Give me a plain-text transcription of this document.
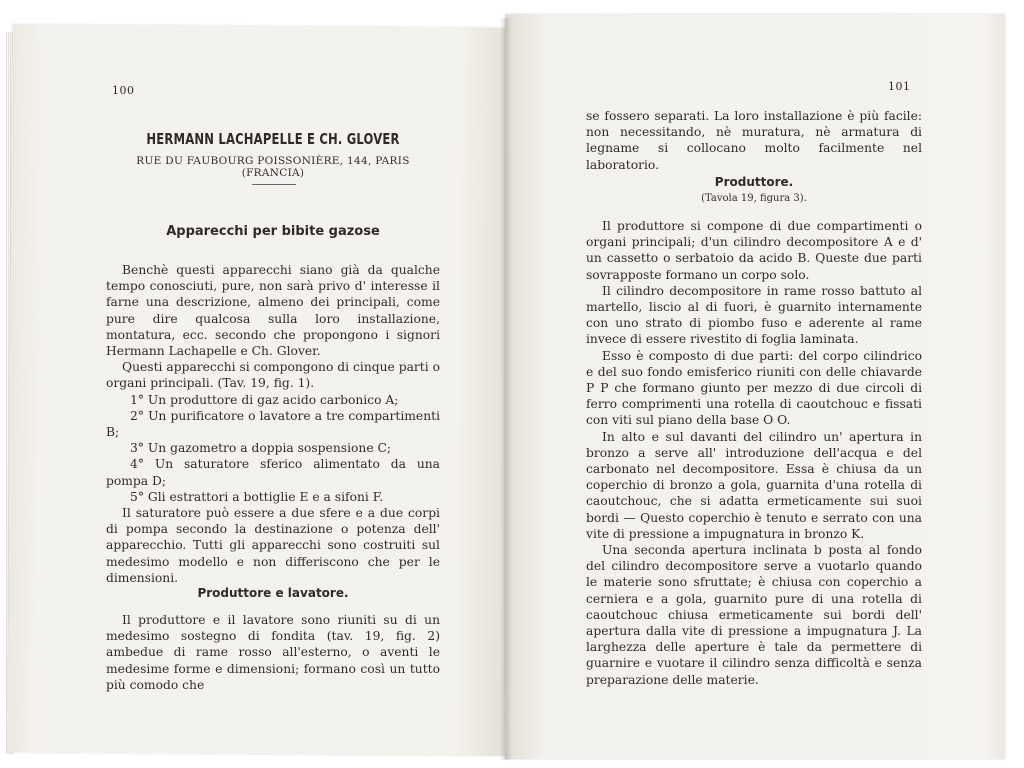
100
HERMANN LACHAPELLE E CH. GLOVER
RUE DU FAUBOURG POISSONIÈRE, 144, PARIS (FRANCIA)
Apparecchi per bibite gazose

Benchè questi apparecchi siano già da qualche tempo conosciuti, pure, non sarà privo d' interesse il farne una descrizione, almeno dei principali, come pure dire qualcosa sulla loro installazione, montatura, ecc. secondo che propongono i signori Hermann Lachapelle e Ch. Glover.

Questi apparecchi si compongono di cinque parti o organi principali. (Tav. 19, fig. 1).

1° Un produttore di gaz acido carbonico A;

2° Un purificatore o lavatore a tre compartimenti B;

3° Un gazometro a doppia sospensione C;

4° Un saturatore sferico alimentato da una pompa D;

5° Gli estrattori a bottiglie E e a sifoni F.

Il saturatore può essere a due sfere e a due corpi di pompa secondo la destinazione o potenza dell' apparecchio. Tutti gli apparecchi sono costruiti sul medesimo modello e non differiscono che per le dimensioni.

Produttore e lavatore.

Il produttore e il lavatore sono riuniti su di un medesimo sostegno di fondita (tav. 19, fig. 2) ambedue di rame rosso all'esterno, o aventi le medesime forme e dimensioni; formano così un tutto più comodo che

101

se fossero separati. La loro installazione è più facile: non necessitando, nè muratura, nè armatura di legname si collocano molto facilmente nel laboratorio.

Produttore.
(Tavola 19, figura 3).

Il produttore si compone di due compartimenti o organi principali; d'un cilindro decompositore A e d' un cassetto o serbatoio da acido B. Queste due parti sovrapposte formano un corpo solo.

Il cilindro decompositore in rame rosso battuto al martello, liscio al di fuori, è guarnito internamente con uno strato di piombo fuso e aderente al rame invece di essere rivestito di foglia laminata.

Esso è composto di due parti: del corpo cilindrico e del suo fondo emisferico riuniti con delle chiavarde P P che formano giunto per mezzo di due circoli di ferro comprimenti una rotella di caoutchouc e fissati con viti sul piano della base O O.

In alto e sul davanti del cilindro un' apertura in bronzo a serve all' introduzione dell'acqua e del carbonato nel decompositore. Essa è chiusa da un coperchio di bronzo a gola, guarnita d'una rotella di caoutchouc, che si adatta ermeticamente sui suoi bordi — Questo coperchio è tenuto e serrato con una vite di pressione a impugnatura in bronzo K.

Una seconda apertura inclinata b posta al fondo del cilindro decompositore serve a vuotarlo quando le materie sono sfruttate; è chiusa con coperchio a cerniera e a gola, guarnito pure di una rotella di caoutchouc chiusa ermeticamente sui bordi dell' apertura dalla vite di pressione a impugnatura J. La larghezza delle aperture è tale da permettere di guarnire e vuotare il cilindro senza difficoltà e senza preparazione delle materie.
